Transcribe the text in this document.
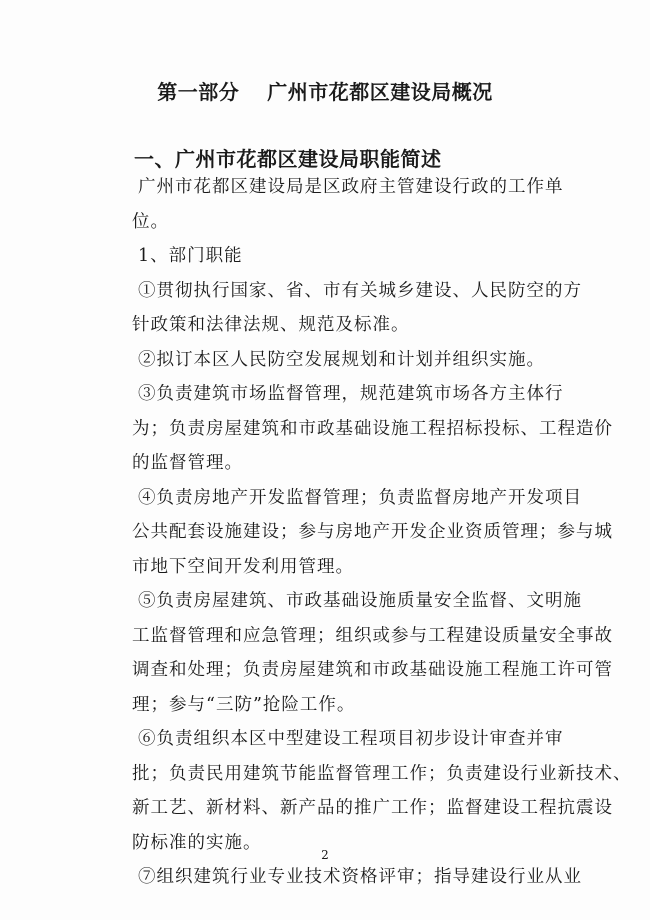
第一部分　 广州市花都区建设局概况
一、广州市花都区建设局职能简述
广州市花都区建设局是区政府主管建设行政的工作单
位。
1、部门职能
①贯彻执行国家、省、市有关城乡建设、人民防空的方
针政策和法律法规、规范及标准。
②拟订本区人民防空发展规划和计划并组织实施。
③负责建筑市场监督管理，规范建筑市场各方主体行
为；负责房屋建筑和市政基础设施工程招标投标、工程造价
的监督管理。
④负责房地产开发监督管理；负责监督房地产开发项目
公共配套设施建设；参与房地产开发企业资质管理；参与城
市地下空间开发利用管理。
⑤负责房屋建筑、市政基础设施质量安全监督、文明施
工监督管理和应急管理；组织或参与工程建设质量安全事故
调查和处理；负责房屋建筑和市政基础设施工程施工许可管
理；参与“三防”抢险工作。
⑥负责组织本区中型建设工程项目初步设计审查并审
批；负责民用建筑节能监督管理工作；负责建设行业新技术、
新工艺、新材料、新产品的推广工作；监督建设工程抗震设
防标准的实施。
⑦组织建筑行业专业技术资格评审；指导建设行业从业
2
